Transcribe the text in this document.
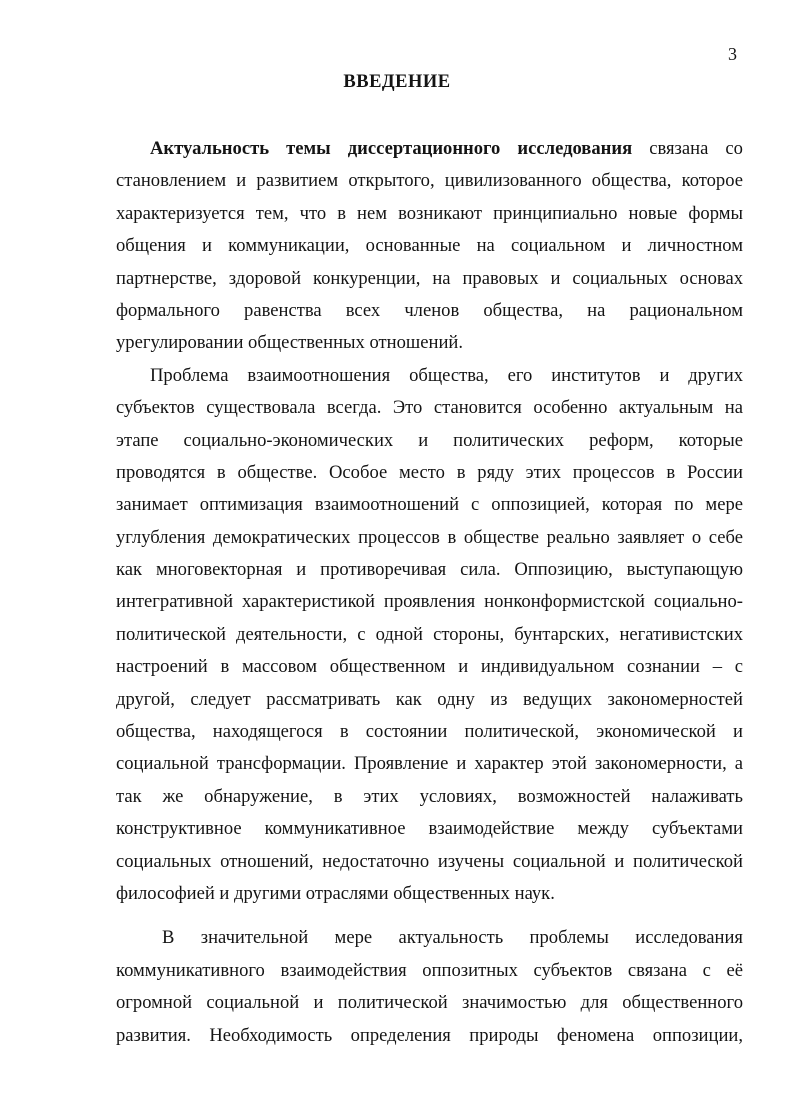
3
ВВЕДЕНИЕ
Актуальность темы диссертационного исследования связана со
становлением и развитием открытого, цивилизованного общества, которое
характеризуется тем, что в нем возникают принципиально новые формы
общения и коммуникации, основанные на социальном и личностном
партнерстве, здоровой конкуренции, на правовых и социальных основах
формального равенства всех членов общества, на рациональном
урегулировании общественных отношений.
Проблема взаимоотношения общества, его институтов и других
субъектов существовала всегда. Это становится особенно актуальным на
этапе социально-экономических и политических реформ, которые
проводятся в обществе. Особое место в ряду этих процессов в России
занимает оптимизация взаимоотношений с оппозицией, которая по мере
углубления демократических процессов в обществе реально заявляет о себе
как многовекторная и противоречивая сила. Оппозицию, выступающую
интегративной характеристикой проявления нонконформистской социально-
политической деятельности, с одной стороны, бунтарских, негативистских
настроений в массовом общественном и индивидуальном сознании – с
другой, следует рассматривать как одну из ведущих закономерностей
общества, находящегося в состоянии политической, экономической и
социальной трансформации. Проявление и характер этой закономерности, а
так же обнаружение, в этих условиях, возможностей налаживать
конструктивное коммуникативное взаимодействие между субъектами
социальных отношений, недостаточно изучены социальной и политической
философией и другими отраслями общественных наук.
В значительной мере актуальность проблемы исследования
коммуникативного взаимодействия оппозитных субъектов связана с её
огромной социальной и политической значимостью для общественного
развития. Необходимость определения природы феномена оппозиции,
